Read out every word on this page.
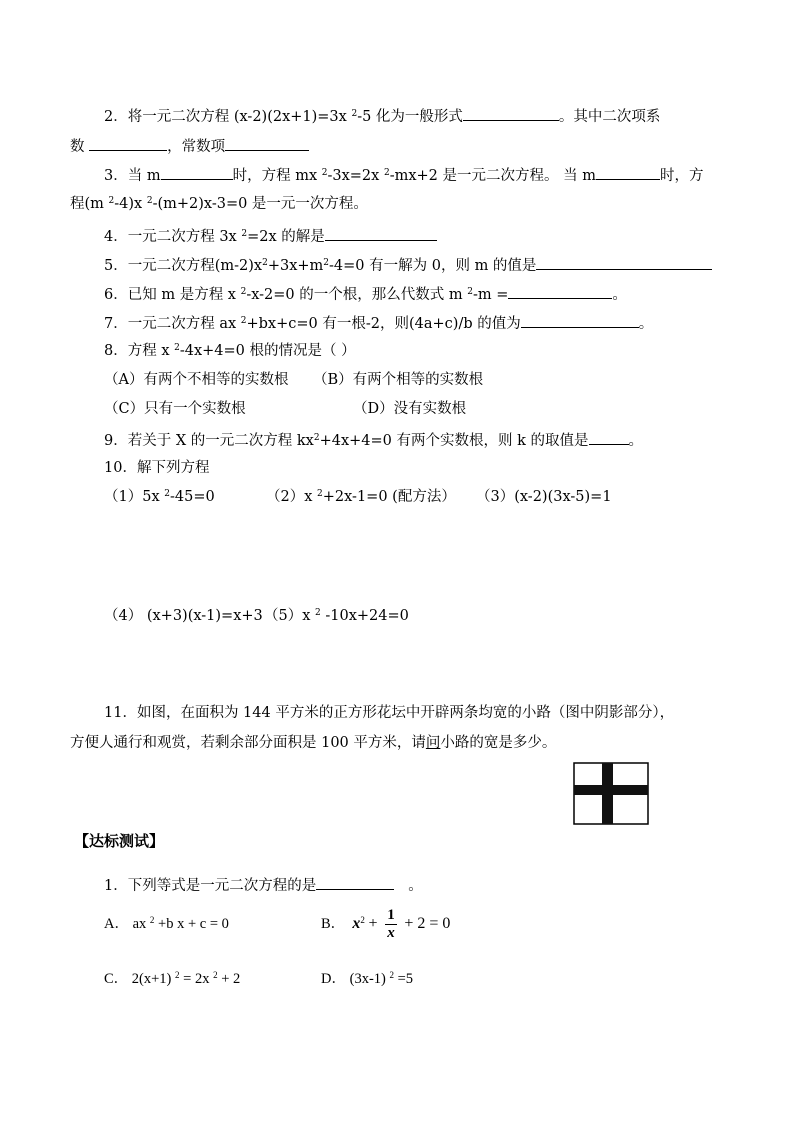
2．将一元二次方程 (x-2)(2x+1)=3x $^2$-5 化为一般形式	。其中二次项系
数	，常数项
3．当 m	时，方程 mx $^2$-3x=2x $^2$-mx+2 是一元二次方程。 当 m	时，方
程(m $^2$-4)x $^2$-(m+2)x-3=0 是一元一次方程。
4．一元二次方程 3x $^2$=2x 的解是
5．一元二次方程$(m-2)x^2+3x+m^2-4=0$ 有一解为 0，则 m 的值是
6．已知 m 是方程 x $^2$-x-2=0 的一个根，那么代数式 m $^2$-m =	。
7．一元二次方程 ax $^2$+bx+c=0 有一根-2，则(4a+c)/b 的值为	。
8．方程 x $^2$-4x+4=0 根的情况是（ ）
（A）有两个不相等的实数根 （B）有两个相等的实数根
（C）只有一个实数根	（D）没有实数根
9．若关于 X 的一元二次方程 $kx^2+4x+4=0$ 有两个实数根，则 k 的取值是	。
10．解下列方程
（1）5x $^2$-45=0	（2）x $^2$+2x-1=0 (配方法） （3）(x-2)(3x-5)=1
（4） (x+3)(x-1)=x+3 （5）x $^2$ -10x+24=0
11．如图，在面积为 144 平方米的正方形花坛中开辟两条均宽的小路（图中阴影部分），
方便人通行和观赏，若剩余部分面积是 100 平方米，请问小路的宽是多少。
【达标测试】
1．下列等式是一元二次方程的是	。
A． ax $^2$ +b x + c = 0	B． $x^2 + \frac{1}{x} + 2 = 0$
C． 2(x+1) $^2$ = 2x $^2$ + 2	D． (3x-1) $^2$ =5
